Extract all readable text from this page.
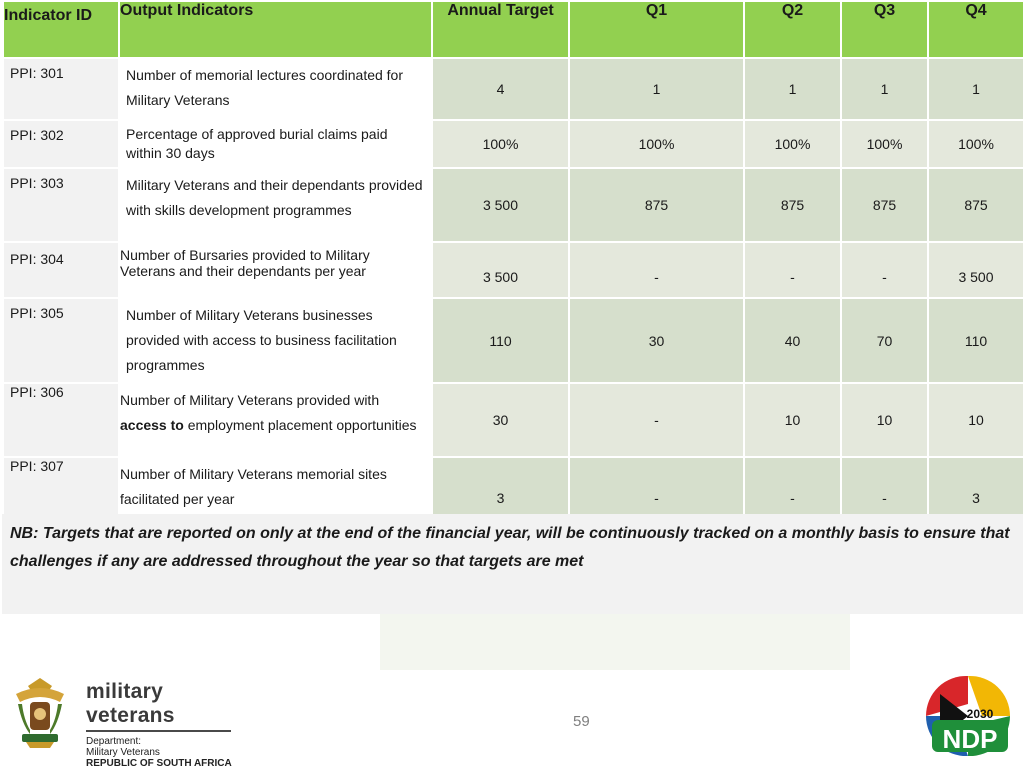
Indicator ID	Output Indicators	Annual Target	Q1	Q2	Q3	Q4
PPI: 301	Number of memorial lectures coordinated for Military Veterans	4	1	1	1	1
PPI: 302	Percentage of approved burial claims paid within 30 days	100%	100%	100%	100%	100%
PPI: 303	Military Veterans and their dependants provided with skills development programmes	3 500	875	875	875	875
PPI: 304	Number of Bursaries provided to Military Veterans and their dependants per year	3 500	-	-	-	3 500
PPI: 305	Number of Military Veterans businesses provided with access to business facilitation programmes	110	30	40	70	110
PPI: 306	Number of Military Veterans provided with access to employment placement opportunities	30	-	10	10	10
PPI: 307	Number of Military Veterans memorial sites facilitated per year	3	-	-	-	3

NB: Targets that are reported on only at the end of the financial year, will be continuously tracked on a monthly basis to ensure that challenges if any are addressed throughout the year so that targets are met

59
military veterans
Department:
Military Veterans
REPUBLIC OF SOUTH AFRICA
2030
NDP
